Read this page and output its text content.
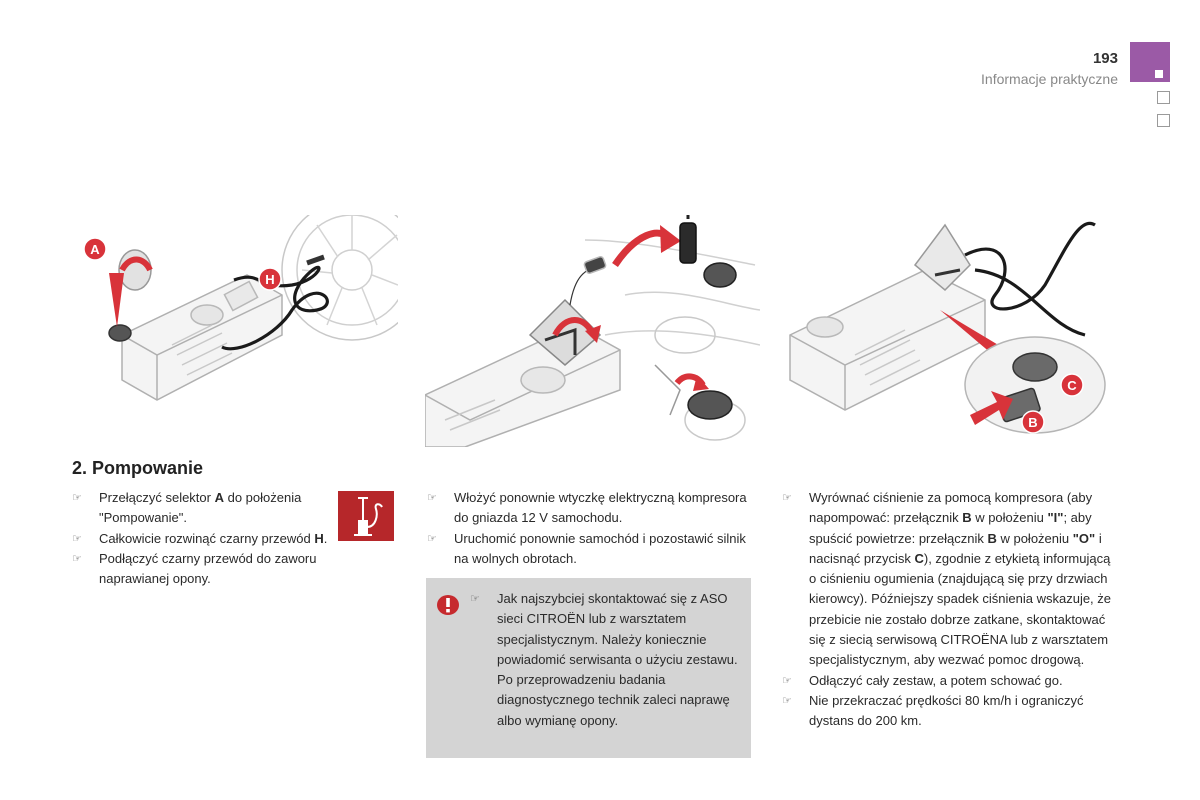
193
Informacje praktyczne
A
H
C
B
2. Pompowanie
☞ Przełączyć selektor A do położenia "Pompowanie".
☞ Całkowicie rozwinąć czarny przewód H.
☞ Podłączyć czarny przewód do zaworu naprawianej opony.
☞ Włożyć ponownie wtyczkę elektryczną kompresora do gniazda 12 V samochodu.
☞ Uruchomić ponownie samochód i pozostawić silnik na wolnych obrotach.
☞ Jak najszybciej skontaktować się z ASO sieci CITROËN lub z warsztatem specjalistycznym. Należy koniecznie powiadomić serwisanta o użyciu zestawu. Po przeprowadzeniu badania diagnostycznego technik zaleci naprawę albo wymianę opony.
☞ Wyrównać ciśnienie za pomocą kompresora (aby napompować: przełącznik B w położeniu "I"; aby spuścić powietrze: przełącznik B w położeniu "O" i nacisnąć przycisk C), zgodnie z etykietą informującą o ciśnieniu ogumienia (znajdującą się przy drzwiach kierowcy). Późniejszy spadek ciśnienia wskazuje, że przebicie nie zostało dobrze zatkane, skontaktować się z siecią serwisową CITROËNA lub z warsztatem specjalistycznym, aby wezwać pomoc drogową.
☞ Odłączyć cały zestaw, a potem schować go.
☞ Nie przekraczać prędkości 80 km/h i ograniczyć dystans do 200 km.
